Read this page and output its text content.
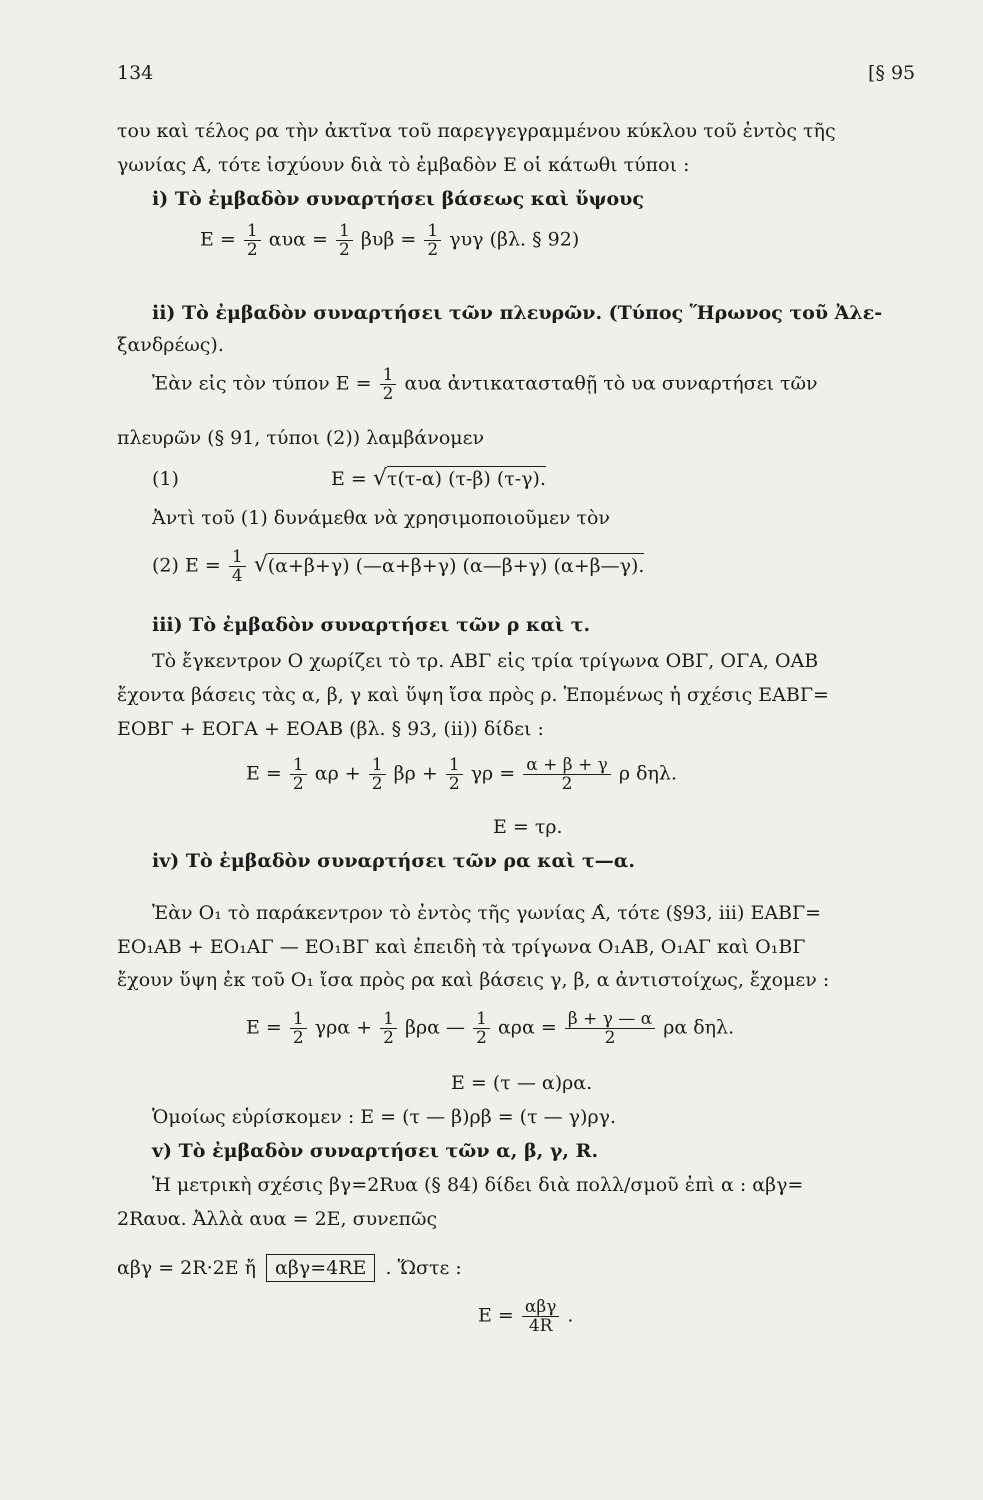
134	[§ 95
του καὶ τέλος ρα τὴν ἀκτῖνα τοῦ παρεγγεγραμμένου κύκλου τοῦ ἐντὸς τῆς
γωνίας Α̂, τότε ἰσχύουν διὰ τὸ ἐμβαδὸν Ε οἱ κάτωθι τύποι :
i) Τὸ ἐμβαδὸν συναρτήσει βάσεως καὶ ὕψους
$E = \frac{1}{2}$ $\alpha\upsilon\alpha = \frac{1}{2}$ $\beta\upsilon\beta = \frac{1}{2}$ γυγ (βλ. § 92)
ii) Τὸ ἐμβαδὸν συναρτήσει τῶν πλευρῶν. (Τύπος Ἥρωνος τοῦ Ἀλε-
ξανδρέως).
Ἐὰν εἰς τὸν τύπον $E = \frac{1}{2}$ αυα ἀντικατασταθῇ τὸ υα συναρτήσει τῶν
πλευρῶν (§ 91, τύποι (2)) λαμβάνομεν
(1)	Ε = √τ(τ-α) (τ-β) (τ-γ).
Ἀντὶ τοῦ (1) δυνάμεθα νὰ χρησιμοποιοῦμεν τὸν
(2) $E = \frac{1}{4} √(\alpha+\beta+\gamma)$ (—α+β+γ) (α—β+γ) (α+β—γ).
iii) Τὸ ἐμβαδὸν συναρτήσει τῶν ρ καὶ τ.
Τὸ ἔγκεντρον Ο χωρίζει τὸ τρ. ΑΒΓ εἰς τρία τρίγωνα ΟΒΓ, ΟΓΑ, ΟΑΒ
ἔχοντα βάσεις τὰς α, β, γ καὶ ὕψη ἴσα πρὸς ρ. Ἑπομένως ἡ σχέσις ΕΑΒΓ=
ΕΟΒΓ + ΕΟΓΑ + ΕΟΑΒ (βλ. § 93, (ii)) δίδει :
$E = \frac{1}{2}$ $\alpha\rho + \frac{1}{2}$ $\beta\rho + \frac{1}{2}$ $\gamma\rho = \frac{\alpha + \beta + \gamma}{2}$ ρ δηλ.
Ε = τρ.
iv) Τὸ ἐμβαδὸν συναρτήσει τῶν ρα καὶ τ—α.
Ἐὰν Ο₁ τὸ παράκεντρον τὸ ἐντὸς τῆς γωνίας Α̂, τότε (§93, iii) ΕΑΒΓ=
ΕΟ₁ΑΒ + ΕΟ₁ΑΓ — ΕΟ₁ΒΓ καὶ ἐπειδὴ τὰ τρίγωνα Ο₁ΑΒ, Ο₁ΑΓ καὶ Ο₁ΒΓ
ἔχουν ὕψη ἐκ τοῦ Ο₁ ἴσα πρὸς ρα καὶ βάσεις γ, β, α ἀντιστοίχως, ἔχομεν :
$E = \frac{1}{2}$ $\gamma\rho\alpha + \frac{1}{2}$ βρα — $\frac{1}{2}$ $\alpha\rho\alpha = \frac{\beta + \gamma — \alpha}{2}$ ρα δηλ.
Ε = (τ — α)ρα.
Ὁμοίως εὑρίσκομεν : Ε = (τ — β)ρβ = (τ — γ)ργ.
v) Τὸ ἐμβαδὸν συναρτήσει τῶν α, β, γ, R.
Ἡ μετρικὴ σχέσις βγ=2Rυα (§ 84) δίδει διὰ πολλ/σμοῦ ἐπὶ α : αβγ=
2Rαυα. Ἀλλὰ αυα = 2Ε, συνεπῶς
αβγ = 2R·2Ε ἤ αβγ=4RΕ . Ὥστε :
$E = \frac{\text{αβγ}}{4R}$ .
